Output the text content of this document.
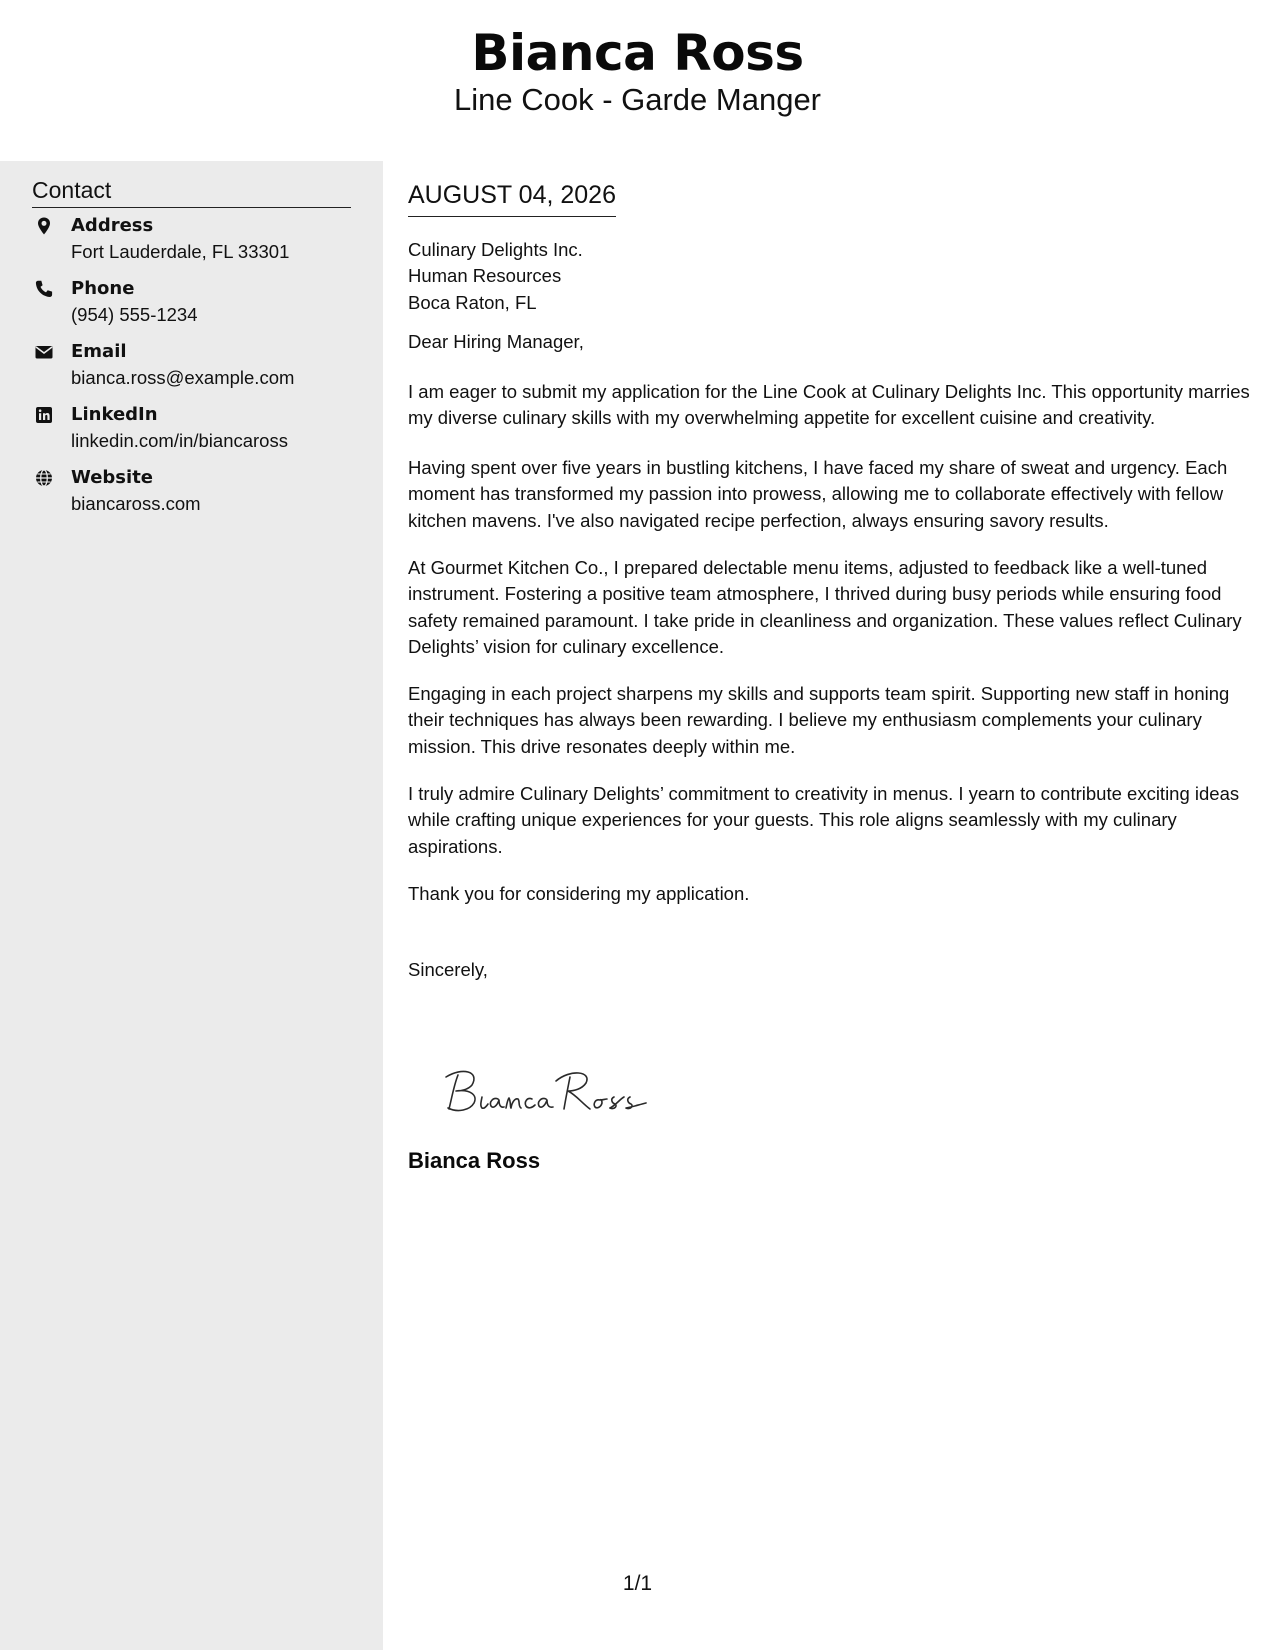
Bianca Ross
Line Cook - Garde Manger
Contact
Address
Fort Lauderdale, FL 33301
Phone
(954) 555-1234
Email
bianca.ross@example.com
LinkedIn
linkedin.com/in/biancaross
Website
biancaross.com
AUGUST 04, 2026
Culinary Delights Inc.
Human Resources
Boca Raton, FL
Dear Hiring Manager,
I am eager to submit my application for the Line Cook at Culinary Delights Inc. This opportunity marries my diverse culinary skills with my overwhelming appetite for excellent cuisine and creativity.
Having spent over five years in bustling kitchens, I have faced my share of sweat and urgency. Each moment has transformed my passion into prowess, allowing me to collaborate effectively with fellow kitchen mavens. I've also navigated recipe perfection, always ensuring savory results.
At Gourmet Kitchen Co., I prepared delectable menu items, adjusted to feedback like a well-tuned instrument. Fostering a positive team atmosphere, I thrived during busy periods while ensuring food safety remained paramount. I take pride in cleanliness and organization. These values reflect Culinary Delights’ vision for culinary excellence.
Engaging in each project sharpens my skills and supports team spirit. Supporting new staff in honing their techniques has always been rewarding. I believe my enthusiasm complements your culinary mission. This drive resonates deeply within me.
I truly admire Culinary Delights’ commitment to creativity in menus. I yearn to contribute exciting ideas while crafting unique experiences for your guests. This role aligns seamlessly with my culinary aspirations.
Thank you for considering my application.
Sincerely,
Bianca Ross
1/1
